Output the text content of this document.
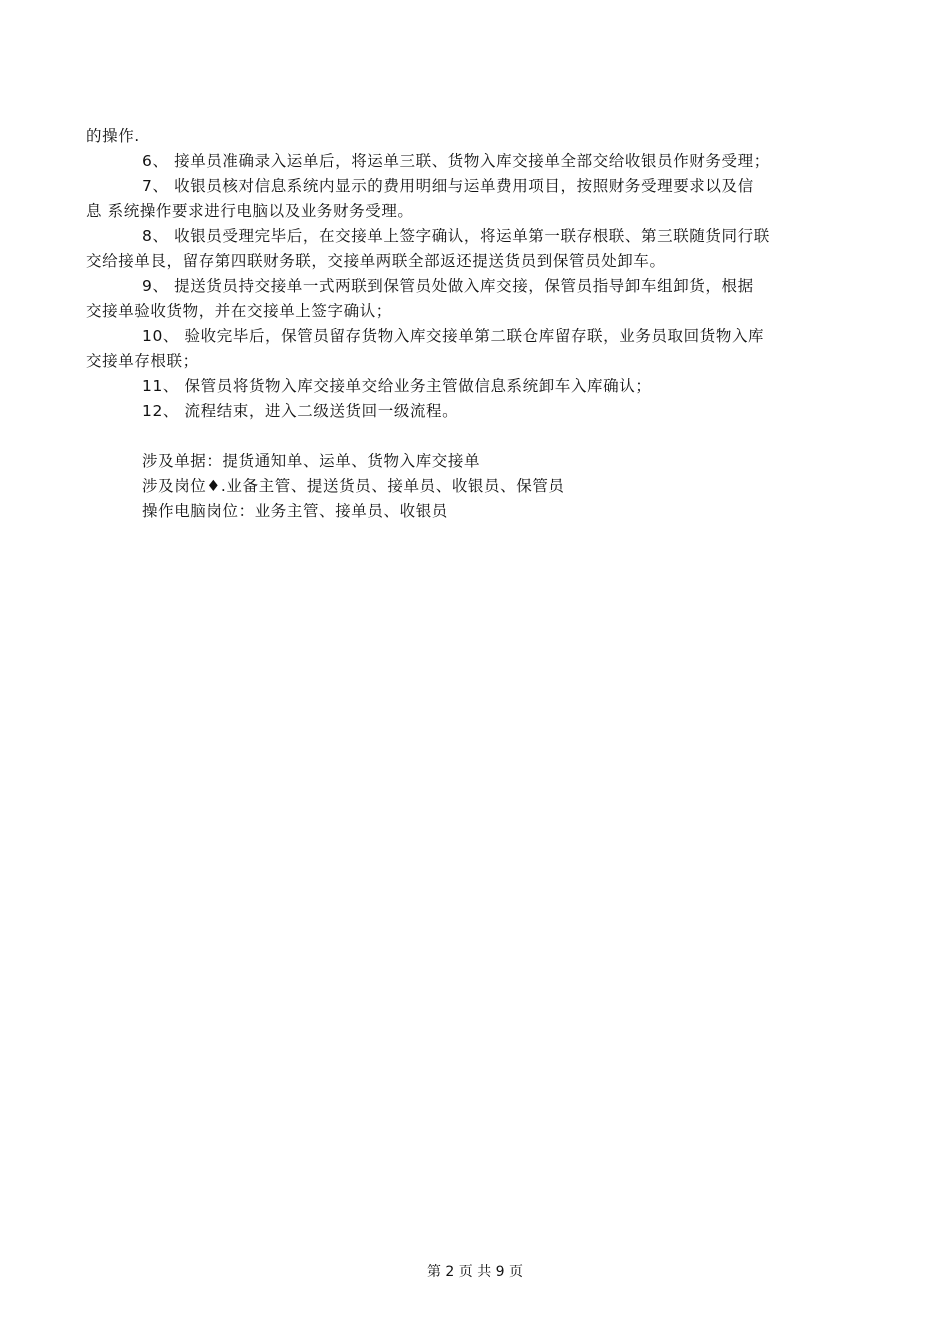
的操作.
6、 接单员准确录入运单后，将运单三联、货物入库交接单全部交给收银员作财务受理；
7、 收银员核对信息系统内显示的费用明细与运单费用项目，按照财务受理要求以及信
息 系统操作要求进行电脑以及业务财务受理。
8、 收银员受理完毕后，在交接单上签字确认，将运单第一联存根联、第三联随货同行联
交给接单艮，留存第四联财务联，交接单两联全部返还提送货员到保管员处卸车。
9、 提送货员持交接单一式两联到保管员处做入库交接，保管员指导卸车组卸货，根据
交接单验收货物，并在交接单上签字确认；
10、 验收完毕后，保管员留存货物入库交接单第二联仓库留存联，业务员取回货物入库
交接单存根联；
11、 保管员将货物入库交接单交给业务主管做信息系统卸车入库确认；
12、 流程结束，进入二级送货回一级流程。
涉及单据：提货通知单、运单、货物入库交接单
涉及岗位♦.业备主管、提送货员、接单员、收银员、保管员
操作电脑岗位：业务主管、接单员、收银员
第 2 页 共 9 页
